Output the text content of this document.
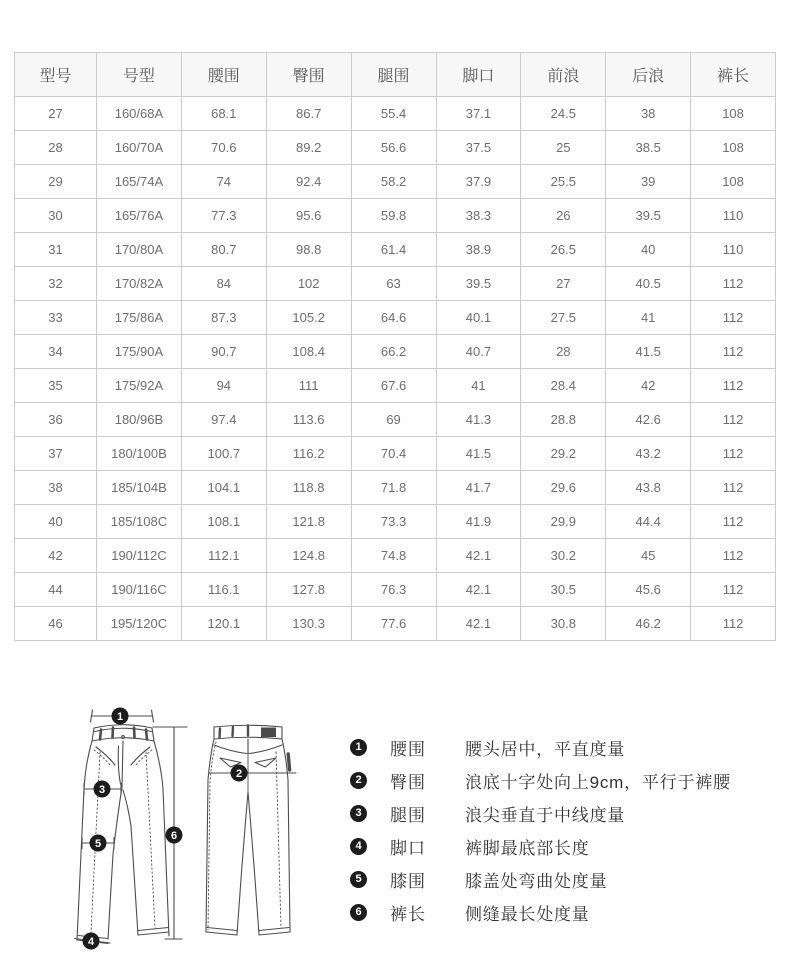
型号	号型	腰围	臀围	腿围	脚口	前浪	后浪	裤长
27	160/68A	68.1	86.7	55.4	37.1	24.5	38	108
28	160/70A	70.6	89.2	56.6	37.5	25	38.5	108
29	165/74A	74	92.4	58.2	37.9	25.5	39	108
30	165/76A	77.3	95.6	59.8	38.3	26	39.5	110
31	170/80A	80.7	98.8	61.4	38.9	26.5	40	110
32	170/82A	84	102	63	39.5	27	40.5	112
33	175/86A	87.3	105.2	64.6	40.1	27.5	41	112
34	175/90A	90.7	108.4	66.2	40.7	28	41.5	112
35	175/92A	94	111	67.6	41	28.4	42	112
36	180/96B	97.4	113.6	69	41.3	28.8	42.6	112
37	180/100B	100.7	116.2	70.4	41.5	29.2	43.2	112
38	185/104B	104.1	118.8	71.8	41.7	29.6	43.8	112
40	185/108C	108.1	121.8	73.3	41.9	29.9	44.4	112
42	190/112C	112.1	124.8	74.8	42.1	30.2	45	112
44	190/116C	116.1	127.8	76.3	42.1	30.5	45.6	112
46	195/120C	120.1	130.3	77.6	42.1	30.8	46.2	112
1
2
3
4
5
6
1	腰围	腰头居中，平直度量
2	臀围	浪底十字处向上9cm，平行于裤腰
3	腿围	浪尖垂直于中线度量
4	脚口	裤脚最底部长度
5	膝围	膝盖处弯曲处度量
6	裤长	侧缝最长处度量
